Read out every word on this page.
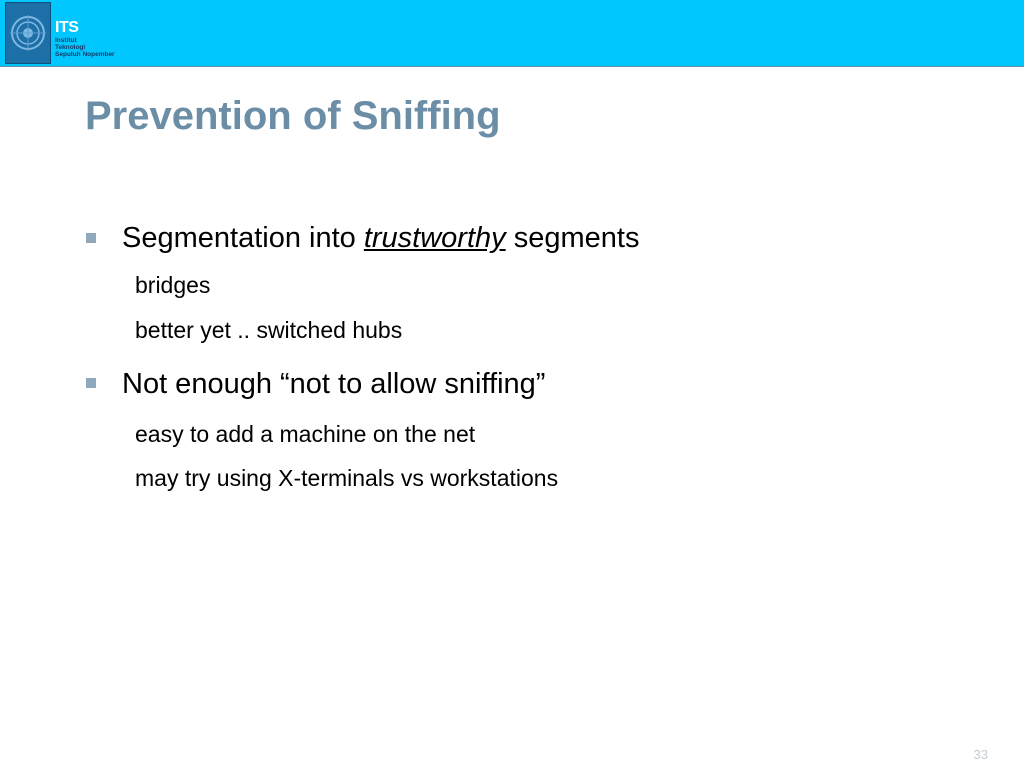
ITS
Institut
Teknologi
Sepuluh Nopember
Prevention of Sniffing
Segmentation into trustworthy segments
bridges
better yet .. switched hubs
Not enough “not to allow sniffing”
easy to add a machine on the net
may try using X-terminals vs workstations
33
